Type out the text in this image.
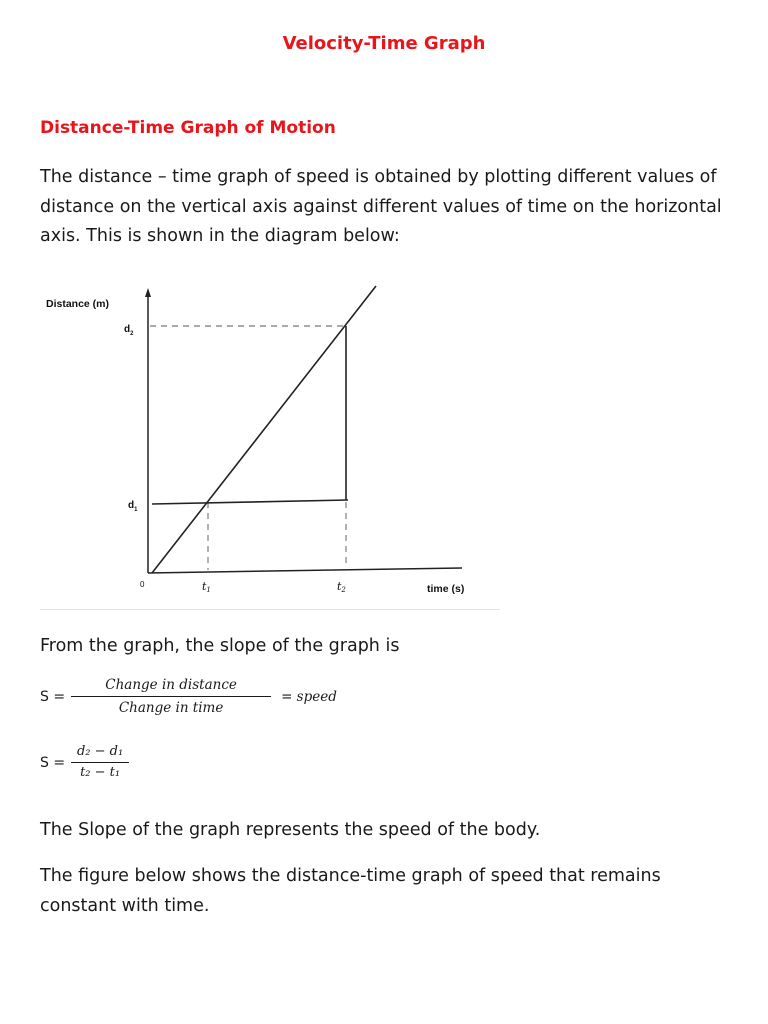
Velocity-Time Graph
Distance-Time Graph of Motion
The distance – time graph of speed is obtained by plotting different values of distance on the vertical axis against different values of time on the horizontal axis. This is shown in the diagram below:
Distance (m)
time (s)
0
$d_2$
$d_1$
t1	t2
From the graph, the slope of the graph is
$S = \frac{\text{Change in distance}}{\text{Change in time}}$ = speed
$S = \frac{\text{d₂ − d₁}}{\text{t₂ − t₁}}$
The Slope of the graph represents the speed of the body.
The figure below shows the distance-time graph of speed that remains constant with time.
